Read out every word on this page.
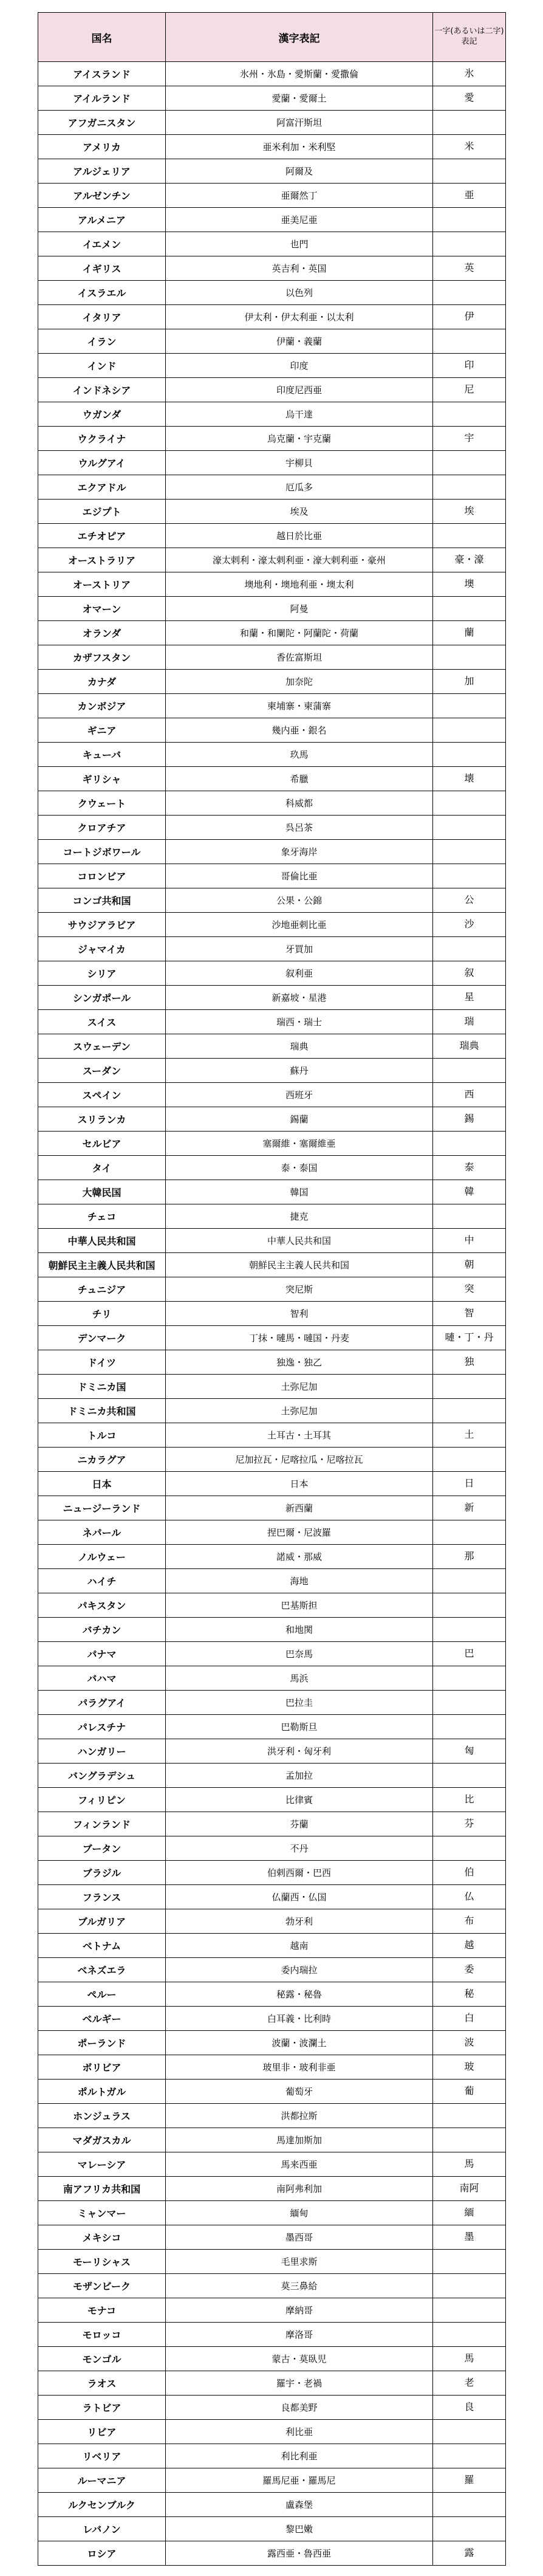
国名	漢字表記	一字(あるいは二字)表記
アイスランド	氷州・氷島・愛斯蘭・愛撒倫	氷
アイルランド	愛蘭・愛爾土	愛
アフガニスタン	阿富汗斯坦	
アメリカ	亜米利加・米利堅	米
アルジェリア	阿爾及	
アルゼンチン	亜爾然丁	亜
アルメニア	亜美尼亜	
イエメン	也門	
イギリス	英吉利・英国	英
イスラエル	以色列	
イタリア	伊太利・伊太利亜・以太利	伊
イラン	伊蘭・義蘭	
インド	印度	印
インドネシア	印度尼西亜	尼
ウガンダ	烏干達	
ウクライナ	烏克蘭・宇克蘭	宇
ウルグアイ	宇柳貝	
エクアドル	厄瓜多	
エジプト	埃及	埃
エチオピア	越日於比亜	
オーストラリア	濠太剌利・濠太剌利亜・濠大剌利亜・豪州	豪・濠
オーストリア	墺地利・墺地利亜・墺太利	墺
オマーン	阿曼	
オランダ	和蘭・和闌陀・阿蘭陀・荷蘭	蘭
カザフスタン	香佐富斯坦	
カナダ	加奈陀	加
カンボジア	柬埔寨・柬蒲寨	
ギニア	幾内亜・銀名	
キューバ	玖馬	
ギリシャ	希臘	壊
クウェート	科威都	
クロアチア	呉呂茶	
コートジボワール	象牙海岸	
コロンビア	哥倫比亜	
コンゴ共和国	公果・公錦	公
サウジアラビア	沙地亜剌比亜	沙
ジャマイカ	牙買加	
シリア	叙利亜	叙
シンガポール	新嘉坡・星港	星
スイス	瑞西・瑞士	瑞
スウェーデン	瑞典	瑞典
スーダン	蘇丹	
スペイン	西班牙	西
スリランカ	錫蘭	錫
セルビア	塞爾維・塞爾維亜	
タイ	泰・泰国	泰
大韓民国	韓国	韓
チェコ	捷克	
中華人民共和国	中華人民共和国	中
朝鮮民主主義人民共和国	朝鮮民主主義人民共和国	朝
チュニジア	突尼斯	突
チリ	智利	智
デンマーク	丁抹・嗹馬・嗹国・丹麦	嗹・丁・丹
ドイツ	独逸・独乙	独
ドミニカ国	土弥尼加	
ドミニカ共和国	土弥尼加	
トルコ	土耳古・土耳其	土
ニカラグア	尼加拉瓦・尼喀拉瓜・尼喀拉瓦	
日本	日本	日
ニュージーランド	新西蘭	新
ネパール	捏巴爾・尼波羅	
ノルウェー	諾威・那威	那
ハイチ	海地	
パキスタン	巴基斯担	
バチカン	和地関	
パナマ	巴奈馬	巴
バハマ	馬浜	
パラグアイ	巴拉圭	
パレスチナ	巴勒斯旦	
ハンガリー	洪牙利・匈牙利	匈
バングラデシュ	孟加拉	
フィリピン	比律賓	比
フィンランド	芬蘭	芬
ブータン	不丹	
ブラジル	伯剌西爾・巴西	伯
フランス	仏蘭西・仏国	仏
ブルガリア	勃牙利	布
ベトナム	越南	越
ベネズエラ	委内瑞拉	委
ペルー	秘露・秘魯	秘
ベルギー	白耳義・比利時	白
ポーランド	波蘭・波瀾土	波
ボリビア	玻里非・玻利非亜	玻
ポルトガル	葡萄牙	葡
ホンジュラス	洪都拉斯	
マダガスカル	馬達加斯加	
マレーシア	馬来西亜	馬
南アフリカ共和国	南阿弗利加	南阿
ミャンマー	緬甸	緬
メキシコ	墨西哥	墨
モーリシャス	毛里求斯	
モザンビーク	莫三鼻給	
モナコ	摩納哥	
モロッコ	摩洛哥	
モンゴル	蒙古・莫臥児	馬
ラオス	羅宇・老禍	老
ラトビア	良都美野	良
リビア	利比亜	
リベリア	利比利亜	
ルーマニア	羅馬尼亜・羅馬尼	羅
ルクセンブルク	盧森堡	
レバノン	黎巴嫩	
ロシア	露西亜・魯西亜	露
